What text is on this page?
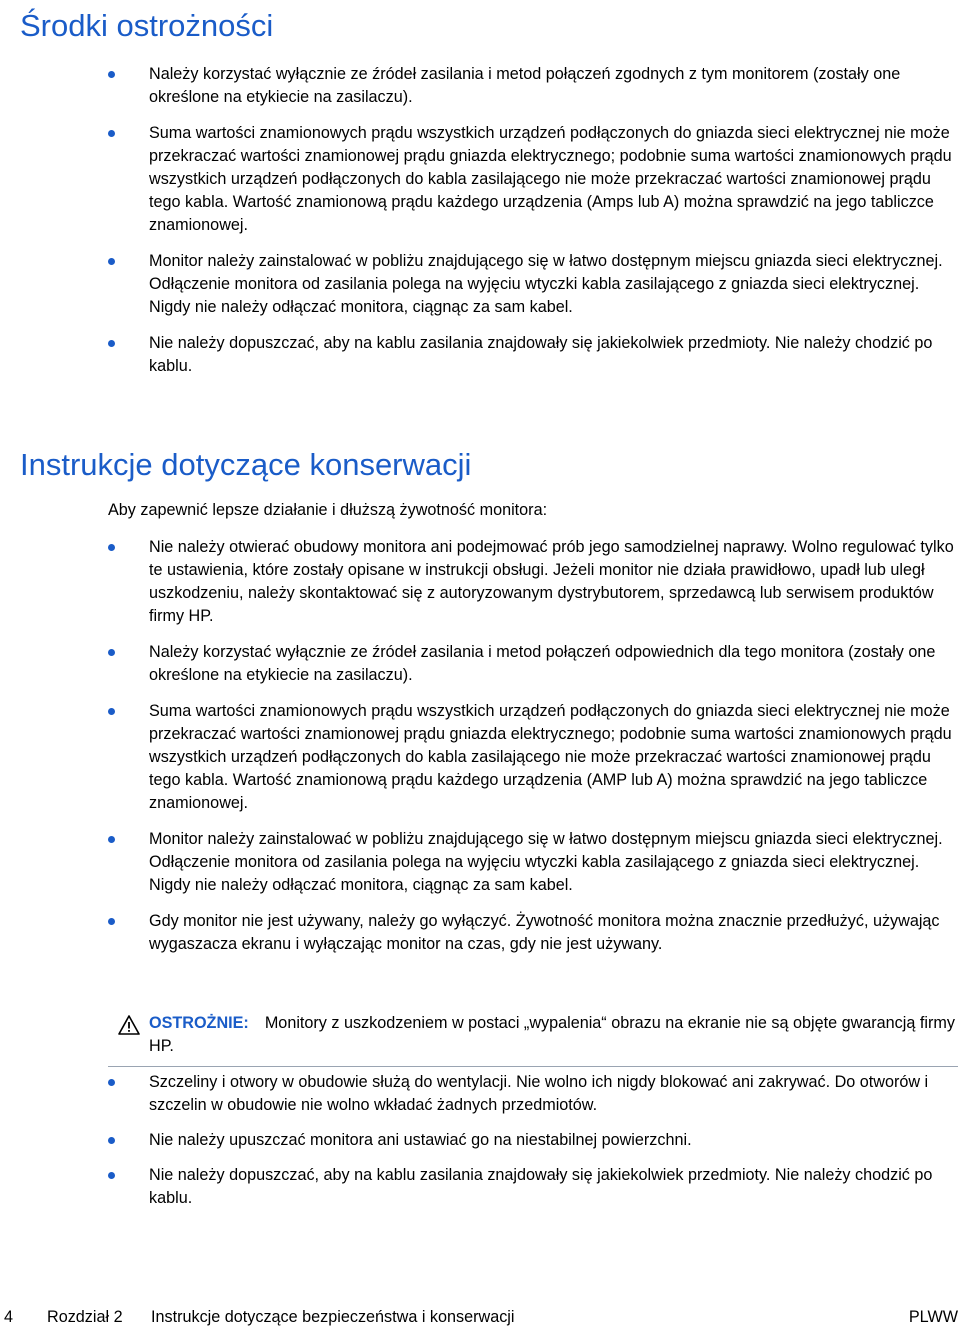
Środki ostrożności
Należy korzystać wyłącznie ze źródeł zasilania i metod połączeń zgodnych z tym monitorem (zostały one określone na etykiecie na zasilaczu).
Suma wartości znamionowych prądu wszystkich urządzeń podłączonych do gniazda sieci elektrycznej nie może przekraczać wartości znamionowej prądu gniazda elektrycznego; podobnie suma wartości znamionowych prądu wszystkich urządzeń podłączonych do kabla zasilającego nie może przekraczać wartości znamionowej prądu tego kabla. Wartość znamionową prądu każdego urządzenia (Amps lub A) można sprawdzić na jego tabliczce znamionowej.
Monitor należy zainstalować w pobliżu znajdującego się w łatwo dostępnym miejscu gniazda sieci elektrycznej. Odłączenie monitora od zasilania polega na wyjęciu wtyczki kabla zasilającego z gniazda sieci elektrycznej. Nigdy nie należy odłączać monitora, ciągnąc za sam kabel.
Nie należy dopuszczać, aby na kablu zasilania znajdowały się jakiekolwiek przedmioty. Nie należy chodzić po kablu.
Instrukcje dotyczące konserwacji
Aby zapewnić lepsze działanie i dłuższą żywotność monitora:
Nie należy otwierać obudowy monitora ani podejmować prób jego samodzielnej naprawy. Wolno regulować tylko te ustawienia, które zostały opisane w instrukcji obsługi. Jeżeli monitor nie działa prawidłowo, upadł lub uległ uszkodzeniu, należy skontaktować się z autoryzowanym dystrybutorem, sprzedawcą lub serwisem produktów firmy HP.
Należy korzystać wyłącznie ze źródeł zasilania i metod połączeń odpowiednich dla tego monitora (zostały one określone na etykiecie na zasilaczu).
Suma wartości znamionowych prądu wszystkich urządzeń podłączonych do gniazda sieci elektrycznej nie może przekraczać wartości znamionowej prądu gniazda elektrycznego; podobnie suma wartości znamionowych prądu wszystkich urządzeń podłączonych do kabla zasilającego nie może przekraczać wartości znamionowej prądu tego kabla. Wartość znamionową prądu każdego urządzenia (AMP lub A) można sprawdzić na jego tabliczce znamionowej.
Monitor należy zainstalować w pobliżu znajdującego się w łatwo dostępnym miejscu gniazda sieci elektrycznej. Odłączenie monitora od zasilania polega na wyjęciu wtyczki kabla zasilającego z gniazda sieci elektrycznej. Nigdy nie należy odłączać monitora, ciągnąc za sam kabel.
Gdy monitor nie jest używany, należy go wyłączyć. Żywotność monitora można znacznie przedłużyć, używając wygaszacza ekranu i wyłączając monitor na czas, gdy nie jest używany.
OSTROŻNIE: Monitory z uszkodzeniem w postaci „wypalenia“ obrazu na ekranie nie są objęte gwarancją firmy HP.
Szczeliny i otwory w obudowie służą do wentylacji. Nie wolno ich nigdy blokować ani zakrywać. Do otworów i szczelin w obudowie nie wolno wkładać żadnych przedmiotów.
Nie należy upuszczać monitora ani ustawiać go na niestabilnej powierzchni.
Nie należy dopuszczać, aby na kablu zasilania znajdowały się jakiekolwiek przedmioty. Nie należy chodzić po kablu.
4 Rozdział 2 Instrukcje dotyczące bezpieczeństwa i konserwacji	PLWW
